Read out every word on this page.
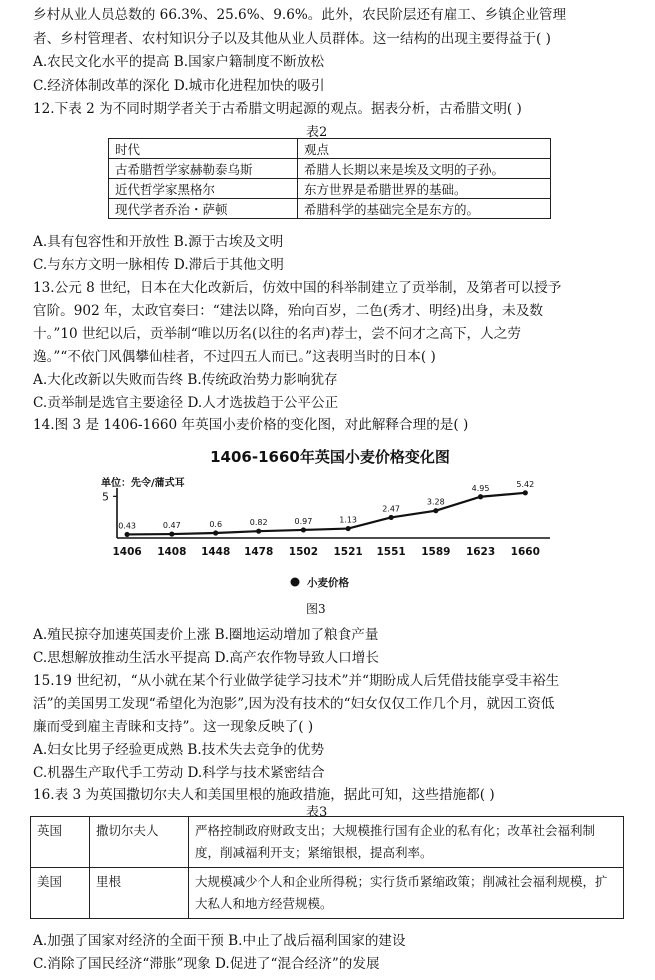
乡村从业人员总数的 66.3%、25.6%、9.6%。此外，农民阶层还有雇工、乡镇企业管理
者、乡村管理者、农村知识分子以及其他从业人员群体。这一结构的出现主要得益于( )
A.农民文化水平的提高 B.国家户籍制度不断放松
C.经济体制改革的深化 D.城市化进程加快的吸引
12.下表 2 为不同时期学者关于古希腊文明起源的观点。据表分析，古希腊文明( )
表2
时代	观点
古希腊哲学家赫勒泰乌斯	希腊人长期以来是埃及文明的子孙。
近代哲学家黑格尔	东方世界是希腊世界的基础。
现代学者乔治・萨顿	希腊科学的基础完全是东方的。
A.具有包容性和开放性 B.源于古埃及文明
C.与东方文明一脉相传 D.滞后于其他文明
13.公元 8 世纪，日本在大化改新后，仿效中国的科举制建立了贡举制，及第者可以授予
官阶。902 年，太政官奏曰：“建法以降，殆向百岁，二色(秀才、明经)出身，未及数
十。”10 世纪以后，贡举制“唯以历名(以往的名声)荐士，尝不问才之高下，人之劳
逸。”“不依门风偶攀仙桂者，不过四五人而已。”这表明当时的日本( )
A.大化改新以失败而告终 B.传统政治势力影响犹存
C.贡举制是选官主要途径 D.人才选拔趋于公平公正
14.图 3 是 1406-1660 年英国小麦价格的变化图，对此解释合理的是( )
1406-1660年英国小麦价格变化图
单位：先令/蒲式耳
5
0.43
1406
0.47
1408
0.6
1448
0.82
1478
0.97
1502
1.13
1521
2.47
1551
3.28
1589
4.95
1623
5.42
1660
小麦价格
图3
A.殖民掠夺加速英国麦价上涨 B.圈地运动增加了粮食产量
C.思想解放推动生活水平提高 D.高产农作物导致人口增长
15.19 世纪初，“从小就在某个行业做学徒学习技术”并“期盼成人后凭借技能享受丰裕生
活”的美国男工发现“希望化为泡影”,因为没有技术的“妇女仅仅工作几个月，就因工资低
廉而受到雇主青睐和支持”。这一现象反映了( )
A.妇女比男子经验更成熟 B.技术失去竞争的优势
C.机器生产取代手工劳动 D.科学与技术紧密结合
16.表 3 为英国撒切尔夫人和美国里根的施政措施，据此可知，这些措施都( )
表3
英国	撒切尔夫人	严格控制政府财政支出；大规模推行国有企业的私有化；改革社会福利制度，削减福利开支；紧缩银根，提高利率。
美国	里根	大规模减少个人和企业所得税；实行货币紧缩政策；削减社会福利规模，扩大私人和地方经营规模。
A.加强了国家对经济的全面干预 B.中止了战后福利国家的建设
C.消除了国民经济“滞胀”现象 D.促进了“混合经济”的发展
